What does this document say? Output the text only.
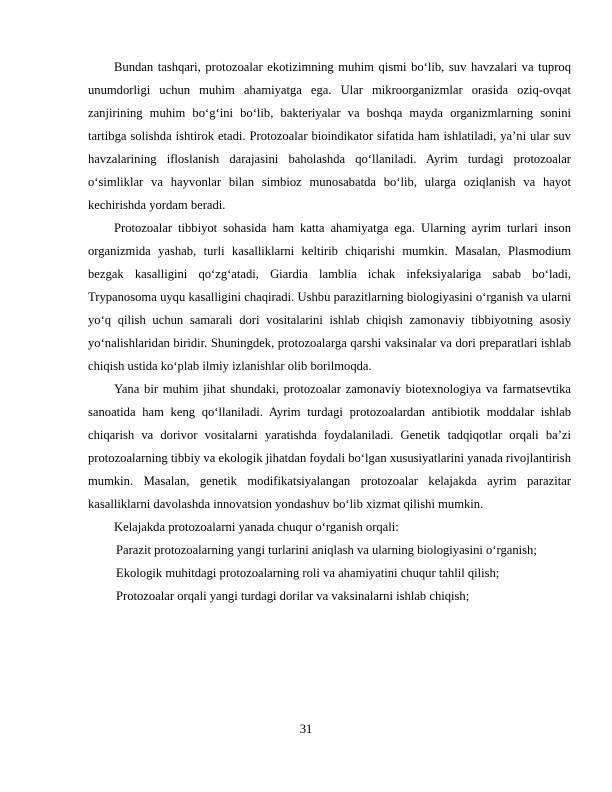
Bundan tashqari, protozoalar ekotizimning muhim qismi bo‘lib, suv havzalari va tuproq unumdorligi uchun muhim ahamiyatga ega. Ular mikroorganizmlar orasida oziq-ovqat zanjirining muhim bo‘g‘ini bo‘lib, bakteriyalar va boshqa mayda organizmlarning sonini tartibga solishda ishtirok etadi. Protozoalar bioindikator sifatida ham ishlatiladi, ya’ni ular suv havzalarining ifloslanish darajasini baholashda qo‘llaniladi. Ayrim turdagi protozoalar o‘simliklar va hayvonlar bilan simbioz munosabatda bo‘lib, ularga oziqlanish va hayot kechirishda yordam beradi.

Protozoalar tibbiyot sohasida ham katta ahamiyatga ega. Ularning ayrim turlari inson organizmida yashab, turli kasalliklarni keltirib chiqarishi mumkin. Masalan, Plasmodium bezgak kasalligini qo‘zg‘atadi, Giardia lamblia ichak infeksiyalariga sabab bo‘ladi, Trypanosoma uyqu kasalligini chaqiradi. Ushbu parazitlarning biologiyasini o‘rganish va ularni yo‘q qilish uchun samarali dori vositalarini ishlab chiqish zamonaviy tibbiyotning asosiy yo‘nalishlaridan biridir. Shuningdek, protozoalarga qarshi vaksinalar va dori preparatlari ishlab chiqish ustida ko‘plab ilmiy izlanishlar olib borilmoqda.

Yana bir muhim jihat shundaki, protozoalar zamonaviy biotexnologiya va farmatsevtika sanoatida ham keng qo‘llaniladi. Ayrim turdagi protozoalardan antibiotik moddalar ishlab chiqarish va dorivor vositalarni yaratishda foydalaniladi. Genetik tadqiqotlar orqali ba’zi protozoalarning tibbiy va ekologik jihatdan foydali bo‘lgan xususiyatlarini yanada rivojlantirish mumkin. Masalan, genetik modifikatsiyalangan protozoalar kelajakda ayrim parazitar kasalliklarni davolashda innovatsion yondashuv bo‘lib xizmat qilishi mumkin.

Kelajakda protozoalarni yanada chuqur o‘rganish orqali:

Parazit protozoalarning yangi turlarini aniqlash va ularning biologiyasini o‘rganish;

Ekologik muhitdagi protozoalarning roli va ahamiyatini chuqur tahlil qilish;

Protozoalar orqali yangi turdagi dorilar va vaksinalarni ishlab chiqish;

31
